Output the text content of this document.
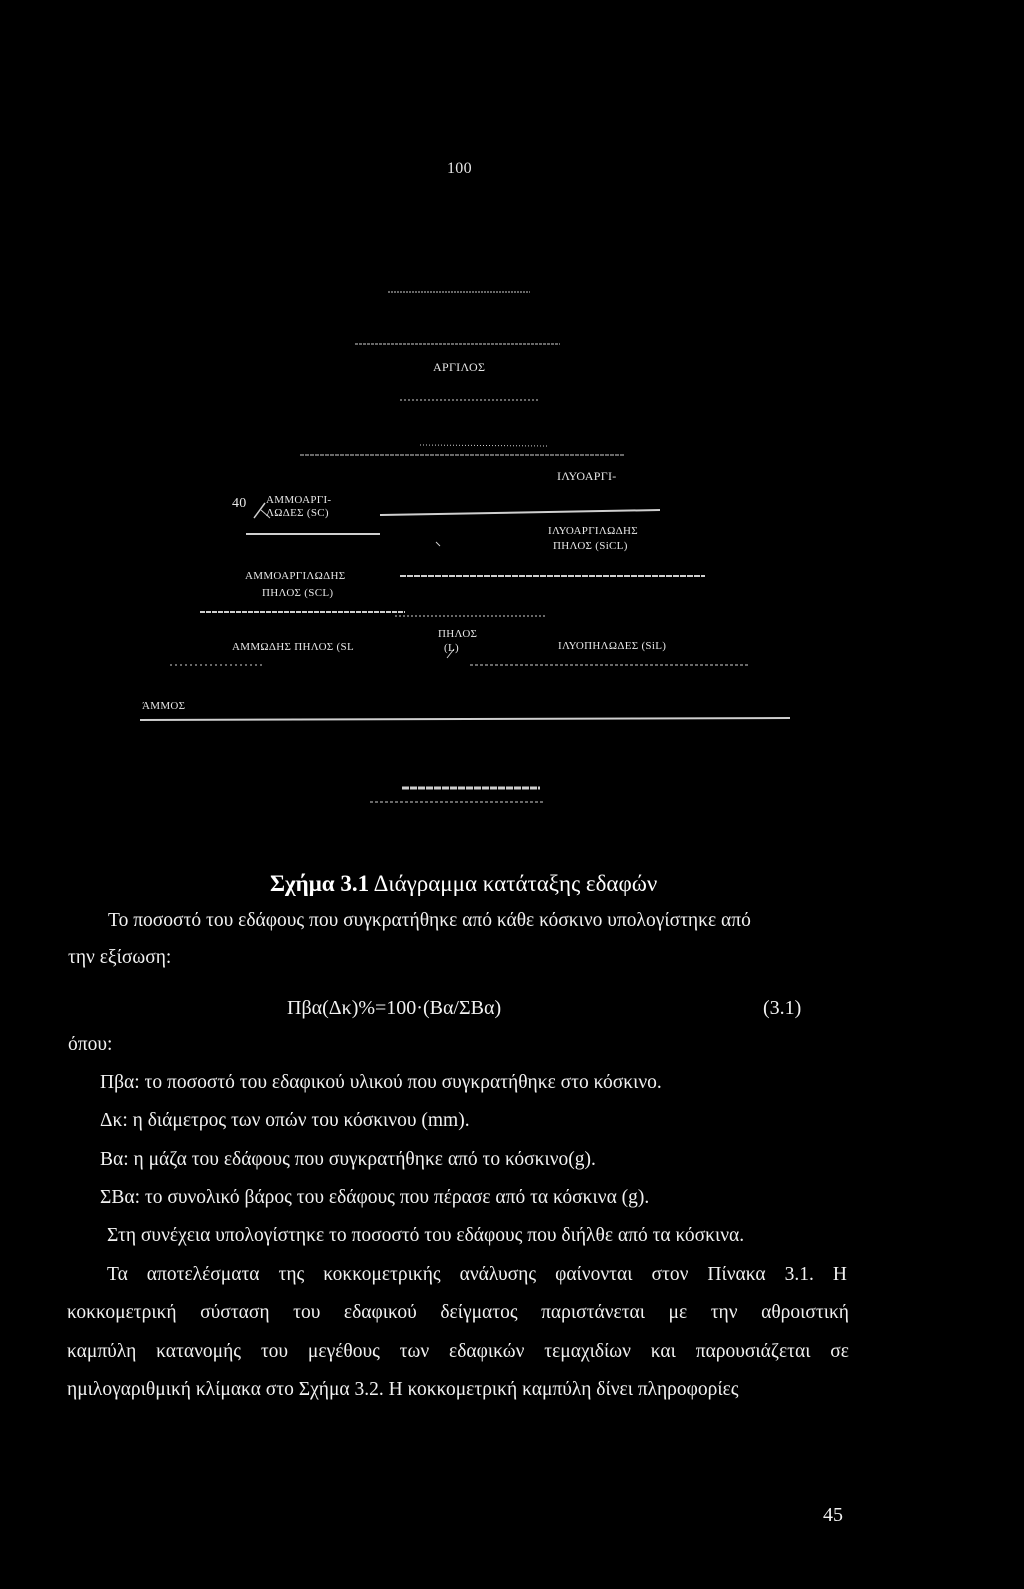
100
ΑΡΓΙΛΟΣ
ΙΛΥΟΑΡΓΙ-
40 ΑΜΜΟΑΡΓΙ-
ΛΩΔΕΣ (SC)
ΙΛΥΟΑΡΓΙΛΩΔΗΣ
ΠΗΛΟΣ (SiCL)
ΑΜΜΟΑΡΓΙΛΩΔΗΣ
ΠΗΛΟΣ (SCL)
ΠΗΛΟΣ
(L)
ΑΜΜΩΔΗΣ ΠΗΛΟΣ (SL	ΙΛΥΟΠΗΛΩΔΕΣ (SiL)
ΆΜΜΟΣ
Σχήμα 3.1 Διάγραμμα κατάταξης εδαφών
Το ποσοστό του εδάφους που συγκρατήθηκε από κάθε κόσκινο υπολογίστηκε από
την εξίσωση:
Πβα(Δκ)%=100·(Βα/ΣΒα)	(3.1)
όπου:
Πβα: το ποσοστό του εδαφικού υλικού που συγκρατήθηκε στο κόσκινο.
Δκ: η διάμετρος των οπών του κόσκινου (mm).
Βα: η μάζα του εδάφους που συγκρατήθηκε από το κόσκινο(g).
ΣΒα: το συνολικό βάρος του εδάφους που πέρασε από τα κόσκινα (g).
Στη συνέχεια υπολογίστηκε το ποσοστό του εδάφους που διήλθε από τα κόσκινα.
Τα αποτελέσματα της κοκκομετρικής ανάλυσης φαίνονται στον Πίνακα 3.1. Η
κοκκομετρική σύσταση του εδαφικού δείγματος παριστάνεται με την αθροιστική
καμπύλη κατανομής του μεγέθους των εδαφικών τεμαχιδίων και παρουσιάζεται σε
ημιλογαριθμική κλίμακα στο Σχήμα 3.2. Η κοκκομετρική καμπύλη δίνει πληροφορίες
45
